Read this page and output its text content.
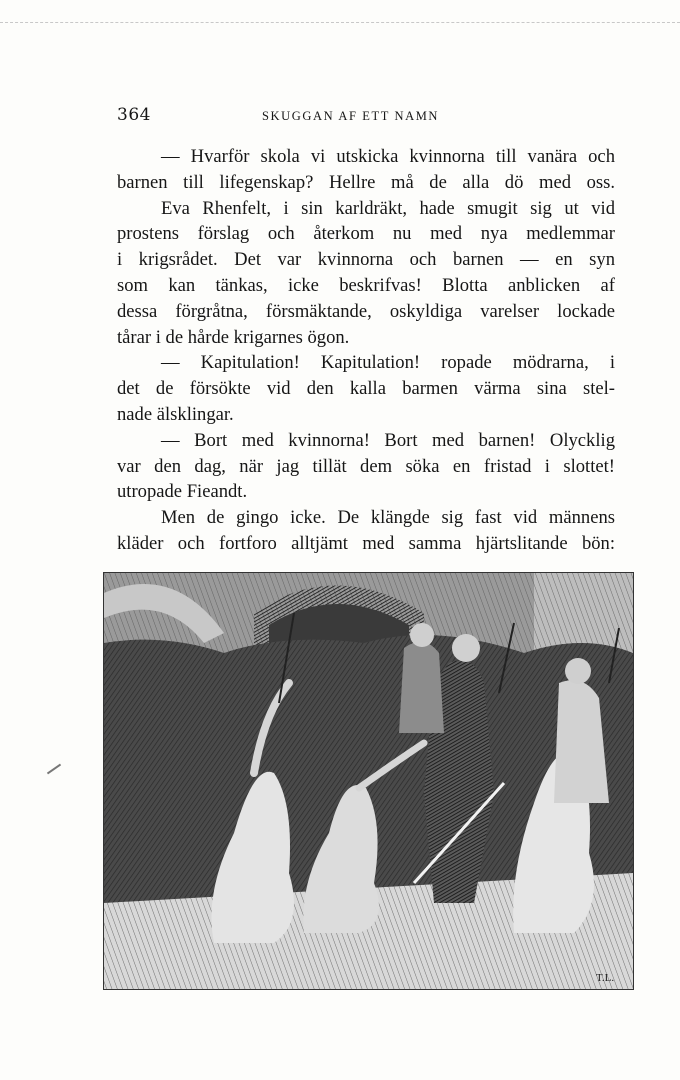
364	SKUGGAN AF ETT NAMN
— Hvarför skola vi utskicka kvinnorna till vanära och
barnen till lifegenskap? Hellre må de alla dö med oss.
Eva Rhenfelt, i sin karldräkt, hade smugit sig ut vid
prostens förslag och återkom nu med nya medlemmar
i krigsrådet. Det var kvinnorna och barnen — en syn
som kan tänkas, icke beskrifvas! Blotta anblicken af
dessa förgråtna, försmäktande, oskyldiga varelser lockade
tårar i de hårde krigarnes ögon.
— Kapitulation! Kapitulation! ropade mödrarna, i
det de försökte vid den kalla barmen värma sina stel-
nade älsklingar.
— Bort med kvinnorna! Bort med barnen! Olycklig
var den dag, när jag tillät dem söka en fristad i slottet!
utropade Fieandt.
Men de gingo icke. De klängde sig fast vid männens
kläder och fortforo alltjämt med samma hjärtslitande bön:
T.L.
